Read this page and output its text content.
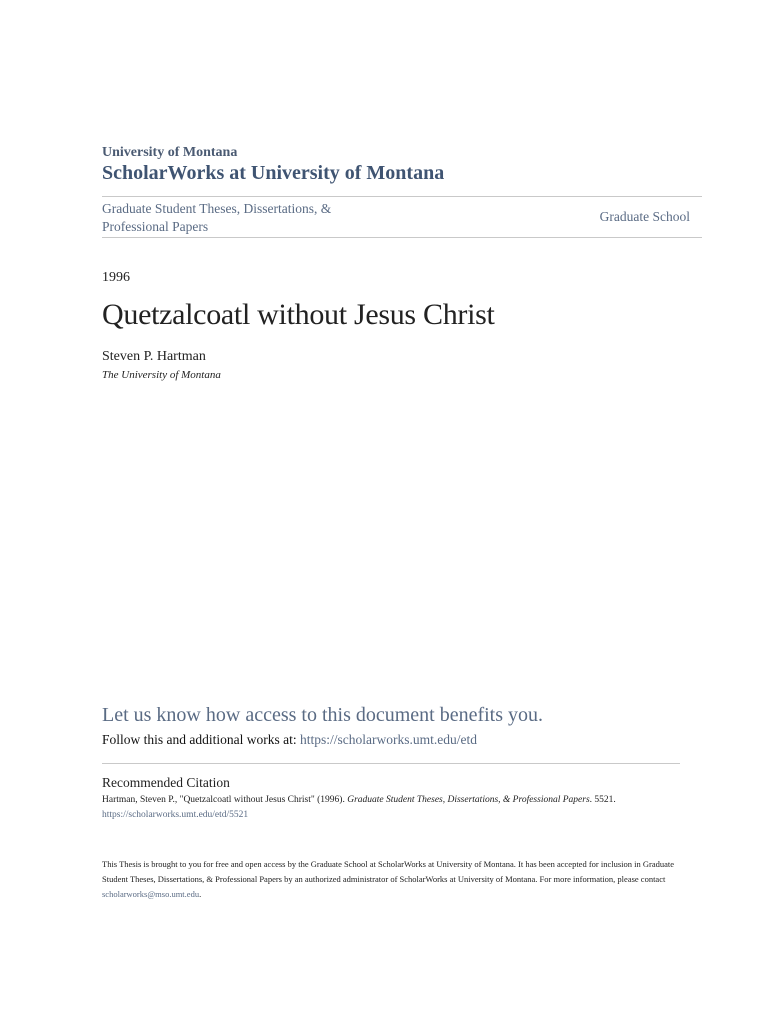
University of Montana
ScholarWorks at University of Montana
Graduate Student Theses, Dissertations, & Professional Papers
Graduate School
1996
Quetzalcoatl without Jesus Christ
Steven P. Hartman
The University of Montana
Let us know how access to this document benefits you.
Follow this and additional works at: https://scholarworks.umt.edu/etd
Recommended Citation
Hartman, Steven P., "Quetzalcoatl without Jesus Christ" (1996). Graduate Student Theses, Dissertations, & Professional Papers. 5521.
https://scholarworks.umt.edu/etd/5521
This Thesis is brought to you for free and open access by the Graduate School at ScholarWorks at University of Montana. It has been accepted for inclusion in Graduate Student Theses, Dissertations, & Professional Papers by an authorized administrator of ScholarWorks at University of Montana. For more information, please contact scholarworks@mso.umt.edu.
